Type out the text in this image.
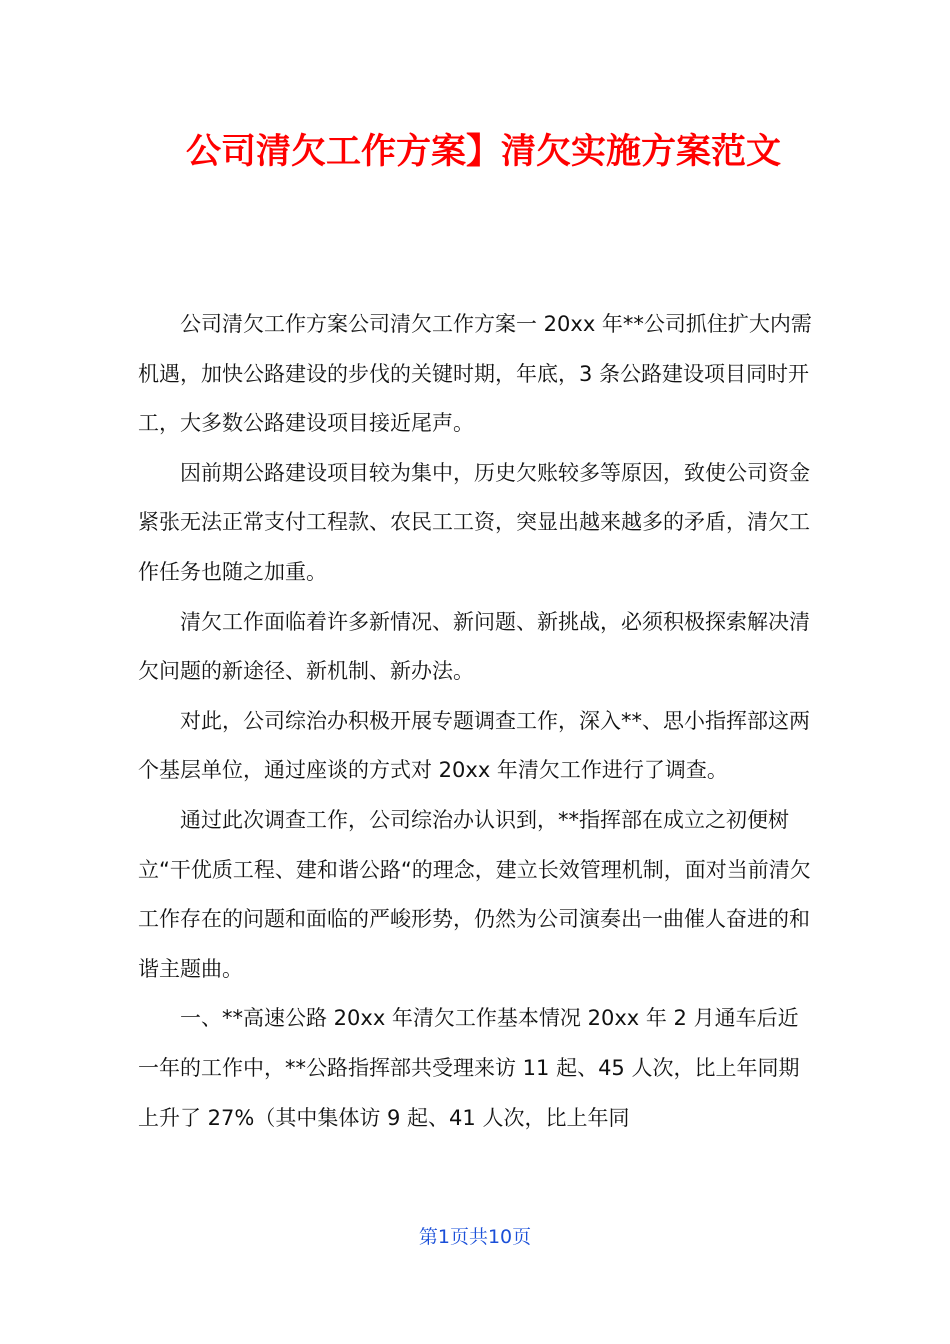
公司清欠工作方案】清欠实施方案范文

公司清欠工作方案公司清欠工作方案一 20xx 年**公司抓住扩大内需机遇，加快公路建设的步伐的关键时期，年底，3 条公路建设项目同时开工，大多数公路建设项目接近尾声。

因前期公路建设项目较为集中，历史欠账较多等原因，致使公司资金紧张无法正常支付工程款、农民工工资，突显出越来越多的矛盾，清欠工作任务也随之加重。

清欠工作面临着许多新情况、新问题、新挑战，必须积极探索解决清欠问题的新途径、新机制、新办法。

对此，公司综治办积极开展专题调查工作，深入**、思小指挥部这两个基层单位，通过座谈的方式对 20xx 年清欠工作进行了调查。

通过此次调查工作，公司综治办认识到，**指挥部在成立之初便树立“干优质工程、建和谐公路“的理念，建立长效管理机制，面对当前清欠工作存在的问题和面临的严峻形势，仍然为公司演奏出一曲催人奋进的和谐主题曲。

一、**高速公路 20xx 年清欠工作基本情况 20xx 年 2 月通车后近一年的工作中，**公路指挥部共受理来访 11 起、45 人次，比上年同期上升了 27%（其中集体访 9 起、41 人次，比上年同

第1页共10页
